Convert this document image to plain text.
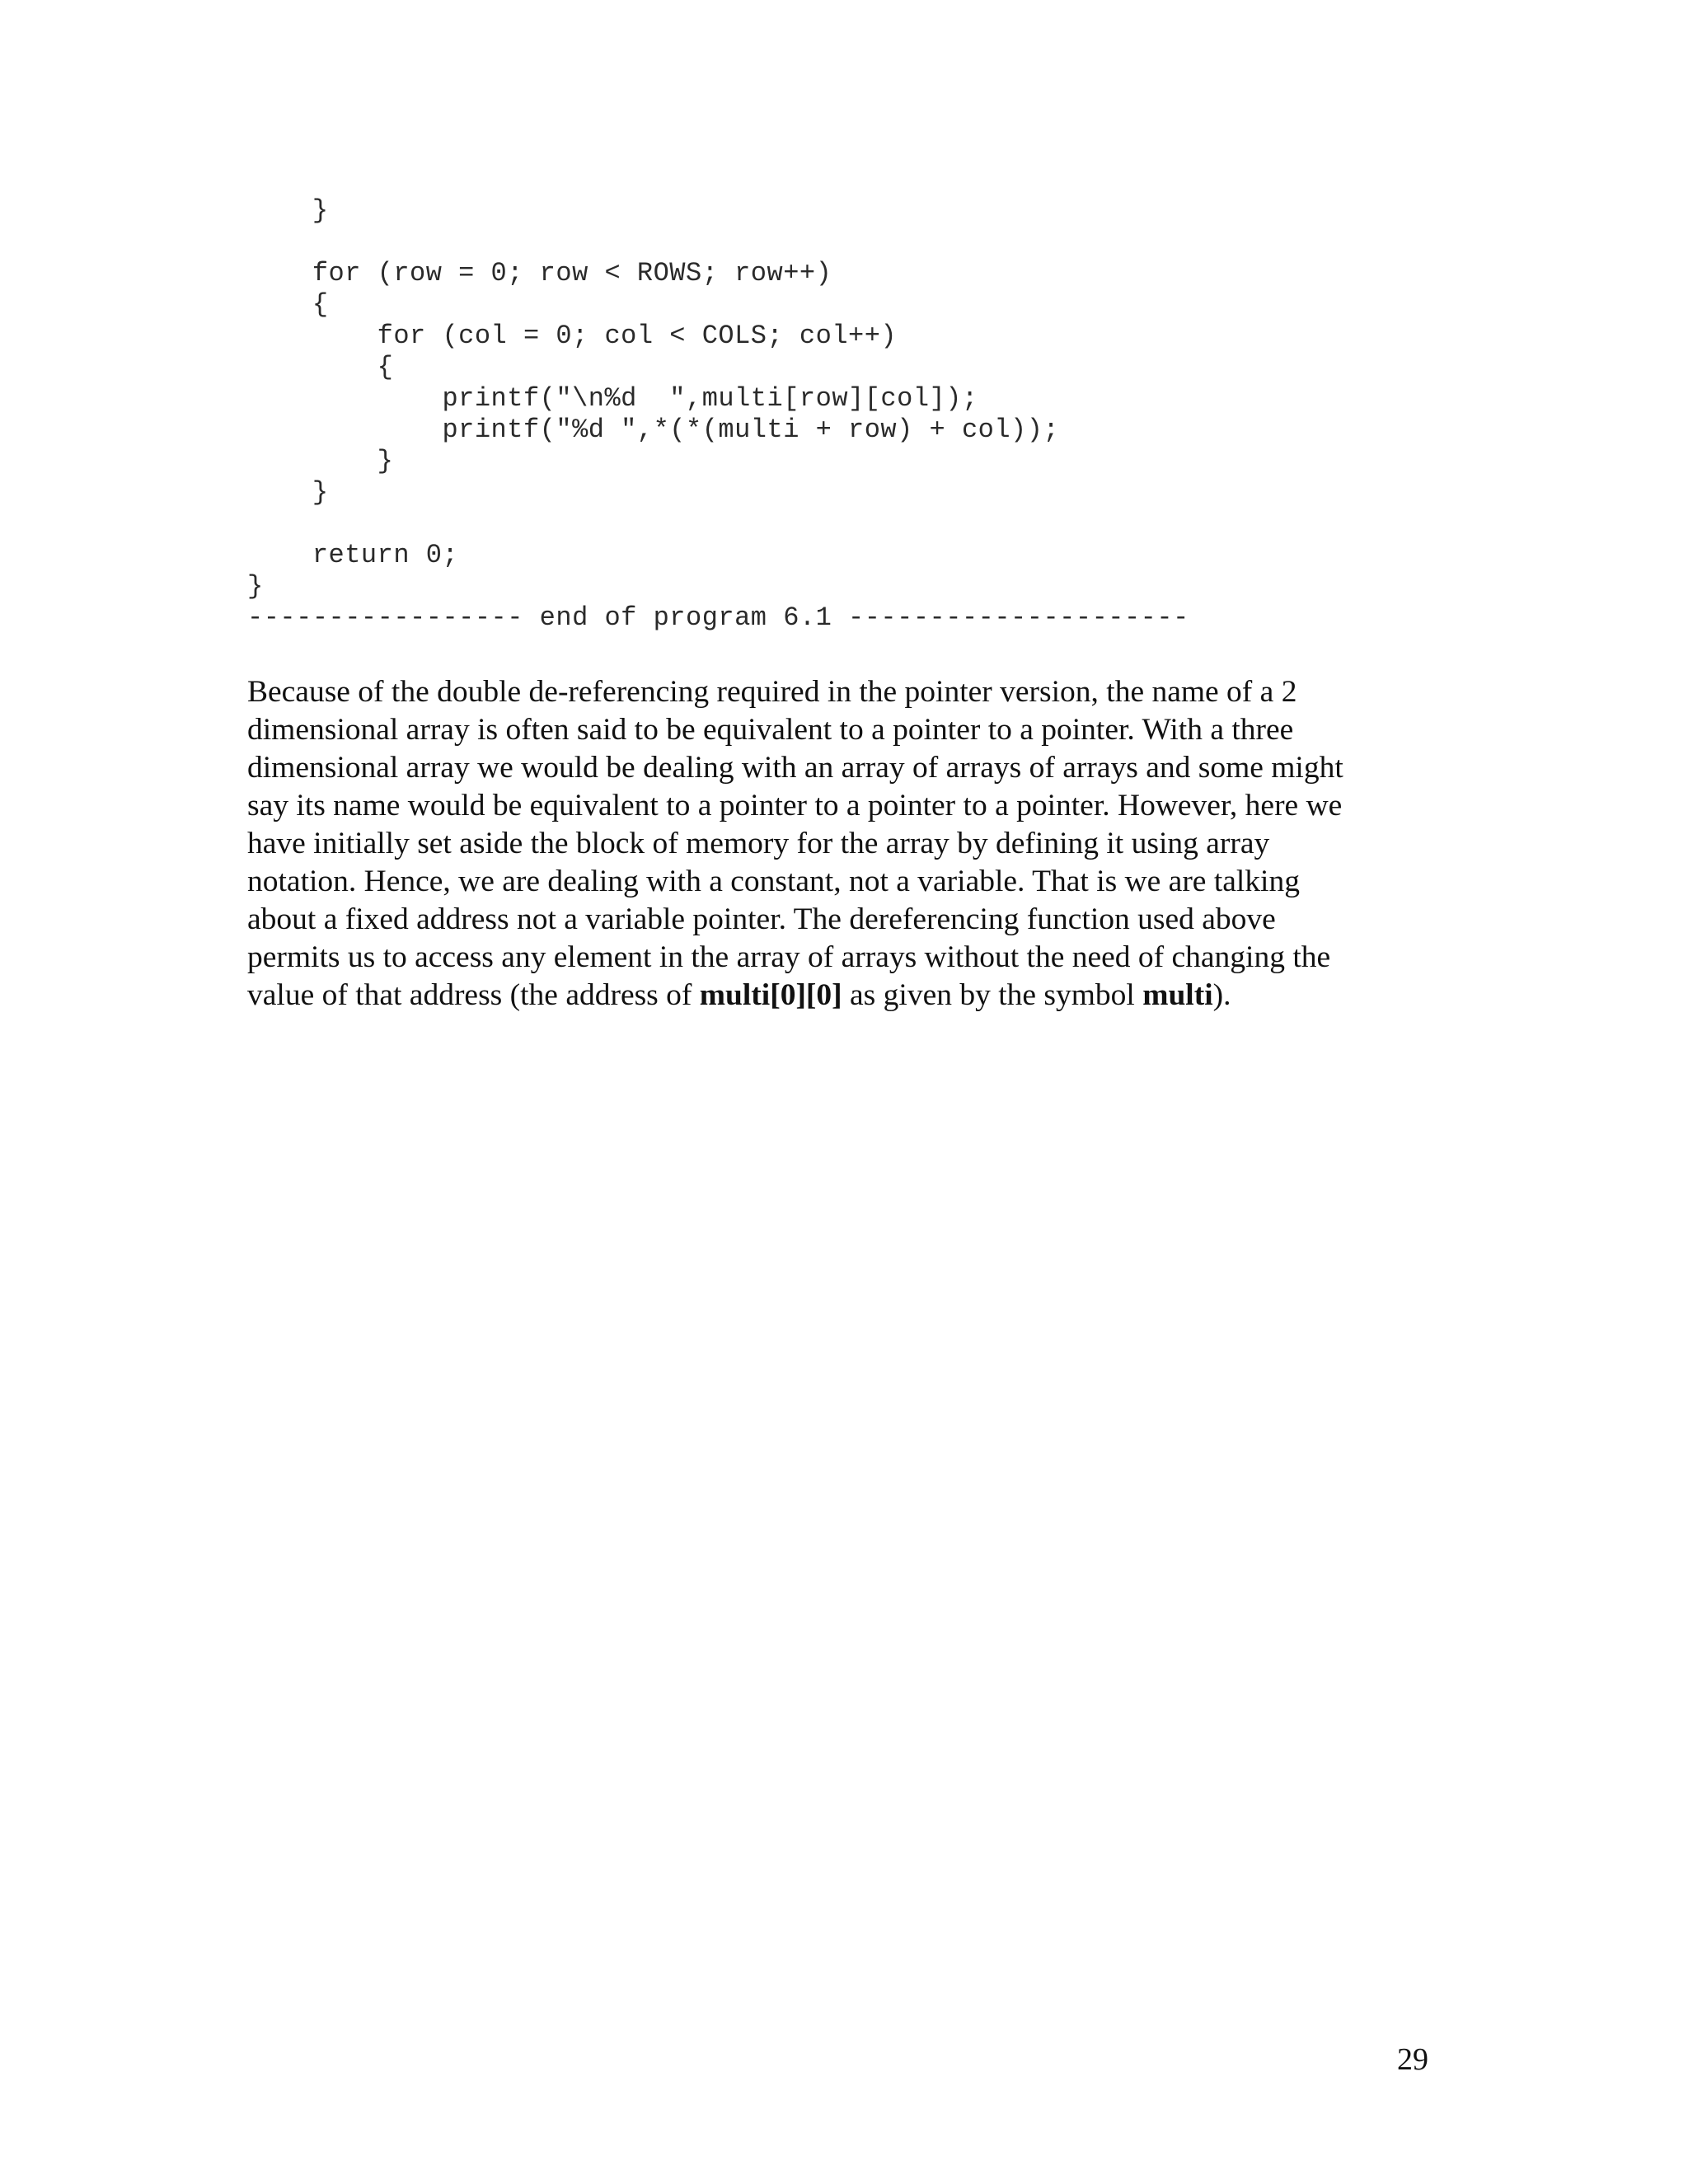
}
for (row = 0; row < ROWS; row++)
{
for (col = 0; col < COLS; col++)
{
printf("\n%d  ",multi[row][col]);
printf("%d ",*(*(multi + row) + col));
}
}
return 0;
}
----------------- end of program 6.1 ---------------------
Because of the double de-referencing required in the pointer version, the name of a 2
dimensional array is often said to be equivalent to a pointer to a pointer. With a three
dimensional array we would be dealing with an array of arrays of arrays and some might
say its name would be equivalent to a pointer to a pointer to a pointer. However, here we
have initially set aside the block of memory for the array by defining it using array
notation. Hence, we are dealing with a constant, not a variable. That is we are talking
about a fixed address not a variable pointer. The dereferencing function used above
permits us to access any element in the array of arrays without the need of changing the
value of that address (the address of multi[0][0] as given by the symbol multi).
29
